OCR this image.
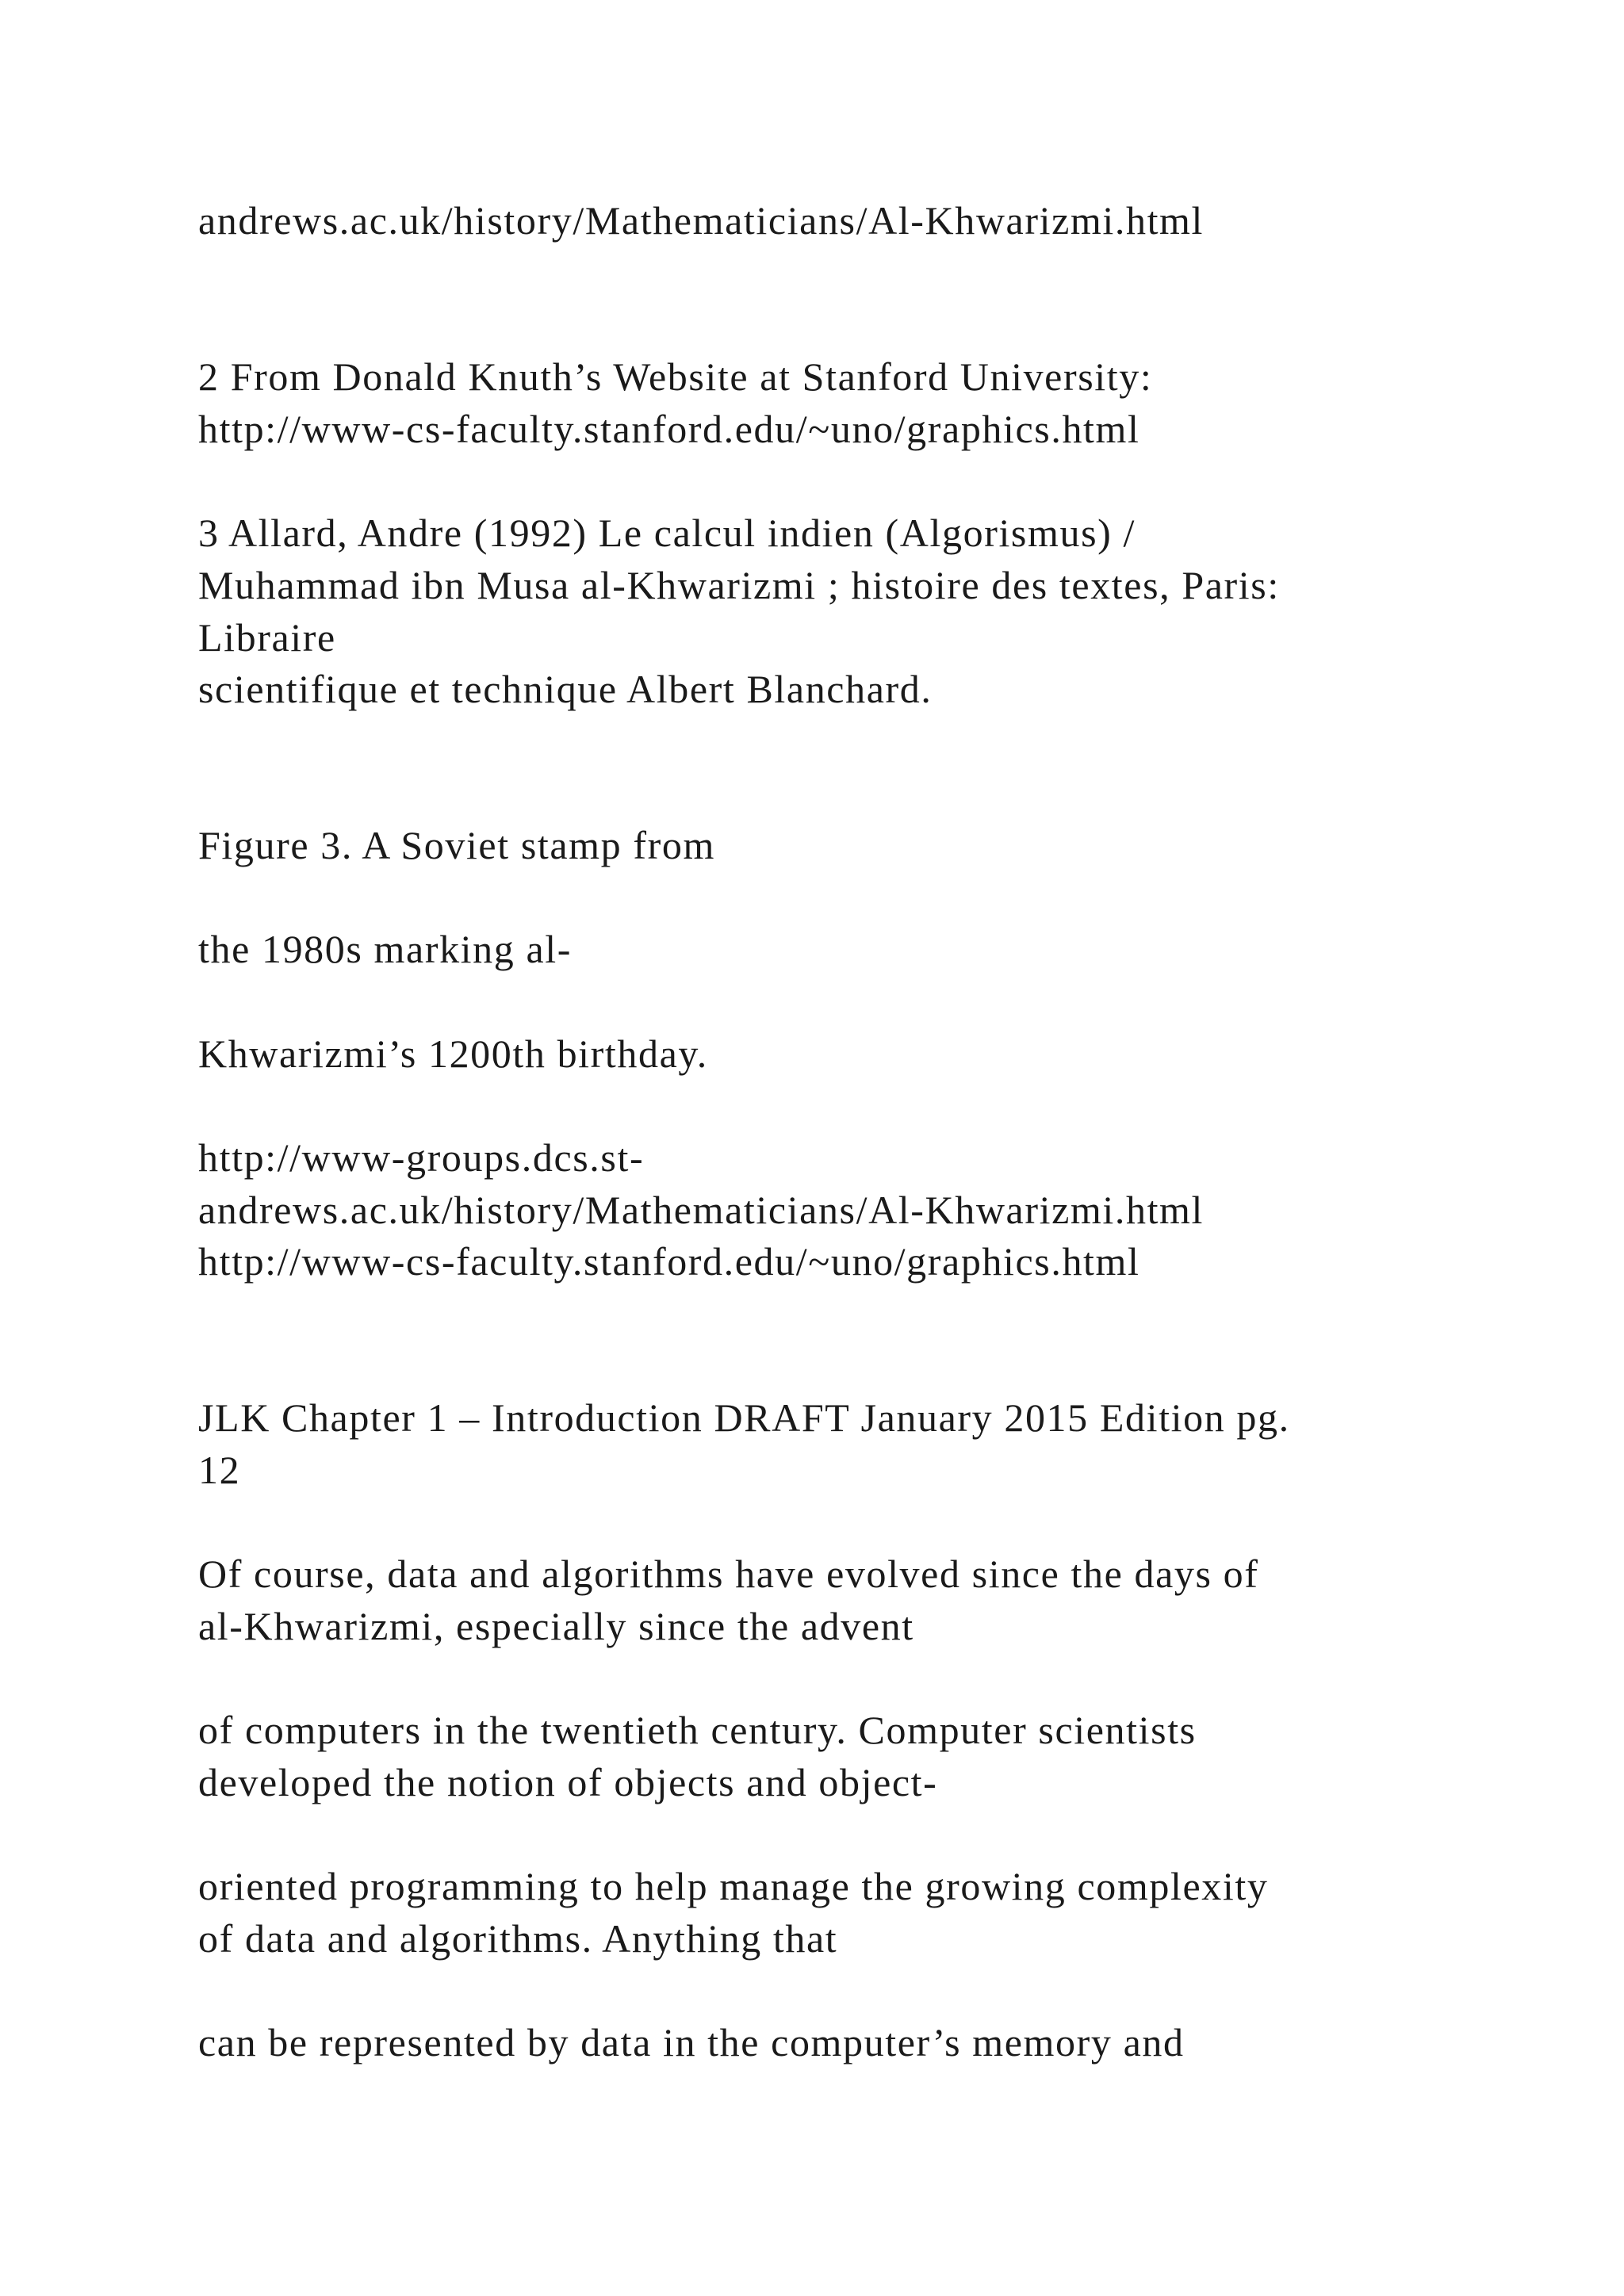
andrews.ac.uk/history/Mathematicians/Al-Khwarizmi.html
2 From Donald Knuth’s Website at Stanford University:
http://www-cs-faculty.stanford.edu/~uno/graphics.html
3 Allard, Andre (1992) Le calcul indien (Algorismus) /
Muhammad ibn Musa al-Khwarizmi ; histoire des textes, Paris:
Libraire
scientifique et technique Albert Blanchard.
Figure 3. A Soviet stamp from
the 1980s marking al-
Khwarizmi’s 1200th birthday.
http://www-groups.dcs.st-
andrews.ac.uk/history/Mathematicians/Al-Khwarizmi.html
http://www-cs-faculty.stanford.edu/~uno/graphics.html
JLK Chapter 1 – Introduction DRAFT January 2015 Edition pg.
12
Of course, data and algorithms have evolved since the days of
al-Khwarizmi, especially since the advent
of computers in the twentieth century. Computer scientists
developed the notion of objects and object-
oriented programming to help manage the growing complexity
of data and algorithms. Anything that
can be represented by data in the computer’s memory and
